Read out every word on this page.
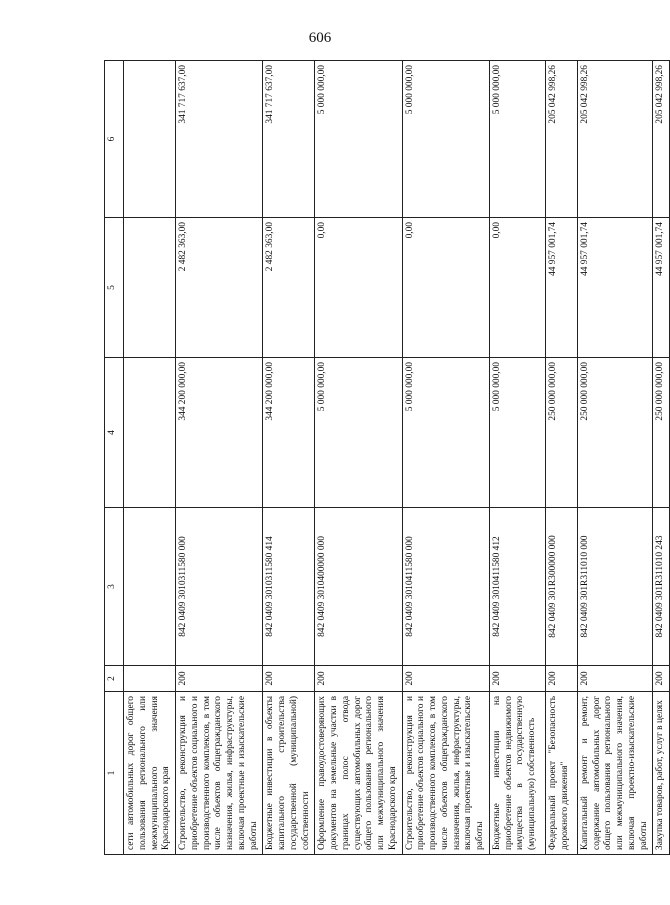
606
1	2	3	4	5	6
сети автомобильных дорог общего пользования регионального или межмуниципального значения Краснодарского края					
Строительство, реконструкция и приобретение объектов социального и производственного комплексов, в том числе объектов общегражданского назначения, жилья, инфраструктуры, включая проектные и изыскательские работы	200	842 0409 3010311580 000	344 200 000,00	2 482 363,00	341 717 637,00
Бюджетные инвестиции в объекты капитального строительства государственной (муниципальной) собственности	200	842 0409 3010311580 414	344 200 000,00	2 482 363,00	341 717 637,00
Оформление правоудостоверяющих документов на земельные участки в границах полос отвода существующих автомобильных дорог общего пользования регионального или межмуниципального значения Краснодарского края	200	842 0409 3010400000 000	5 000 000,00	0,00	5 000 000,00
Строительство, реконструкция и приобретение объектов социального и производственного комплексов, в том числе объектов общегражданского назначения, жилья, инфраструктуры, включая проектные и изыскательские работы	200	842 0409 3010411580 000	5 000 000,00	0,00	5 000 000,00
Бюджетные инвестиции на приобретение объектов недвижимого имущества в государственную (муниципальную) собственность	200	842 0409 3010411580 412	5 000 000,00	0,00	5 000 000,00
Федеральный проект "Безопасность дорожного движения"	200	842 0409 301R300000 000	250 000 000,00	44 957 001,74	205 042 998,26
Капитальный ремонт и ремонт, содержание автомобильных дорог общего пользования регионального или межмуниципального значения, включая проектно-изыскательские работы	200	842 0409 301R311010 000	250 000 000,00	44 957 001,74	205 042 998,26
Закупка товаров, работ, услуг в целях	200	842 0409 301R311010 243	250 000 000,00	44 957 001,74	205 042 998,26
